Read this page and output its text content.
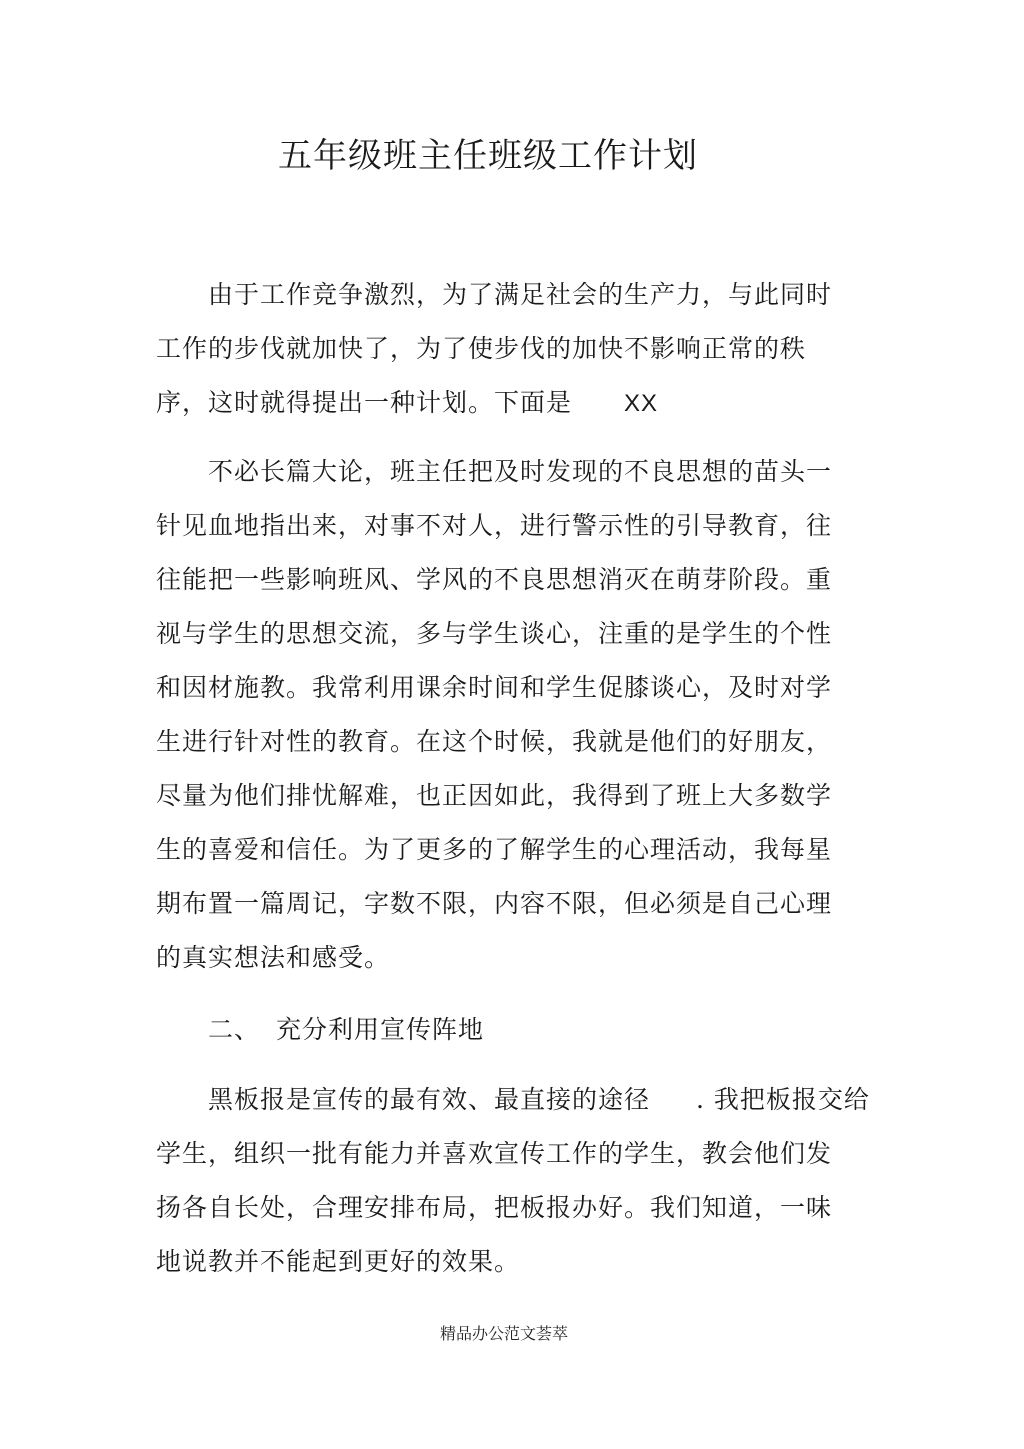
五年级班主任班级工作计划
由于工作竞争激烈，为了满足社会的生产力，与此同时
工作的步伐就加快了，为了使步伐的加快不影响正常的秩
序，这时就得提出一种计划。下面是 XX
不必长篇大论，班主任把及时发现的不良思想的苗头一
针见血地指出来，对事不对人，进行警示性的引导教育，往
往能把一些影响班风、学风的不良思想消灭在萌芽阶段。重
视与学生的思想交流，多与学生谈心，注重的是学生的个性
和因材施教。我常利用课余时间和学生促膝谈心，及时对学
生进行针对性的教育。在这个时候，我就是他们的好朋友，
尽量为他们排忧解难，也正因如此，我得到了班上大多数学
生的喜爱和信任。为了更多的了解学生的心理活动，我每星
期布置一篇周记，字数不限，内容不限，但必须是自己心理
的真实想法和感受。
二、 充分利用宣传阵地
黑板报是宣传的最有效、最直接的途径 . 我把板报交给
学生，组织一批有能力并喜欢宣传工作的学生，教会他们发
扬各自长处，合理安排布局，把板报办好。我们知道，一味
地说教并不能起到更好的效果。
精品办公范文荟萃
